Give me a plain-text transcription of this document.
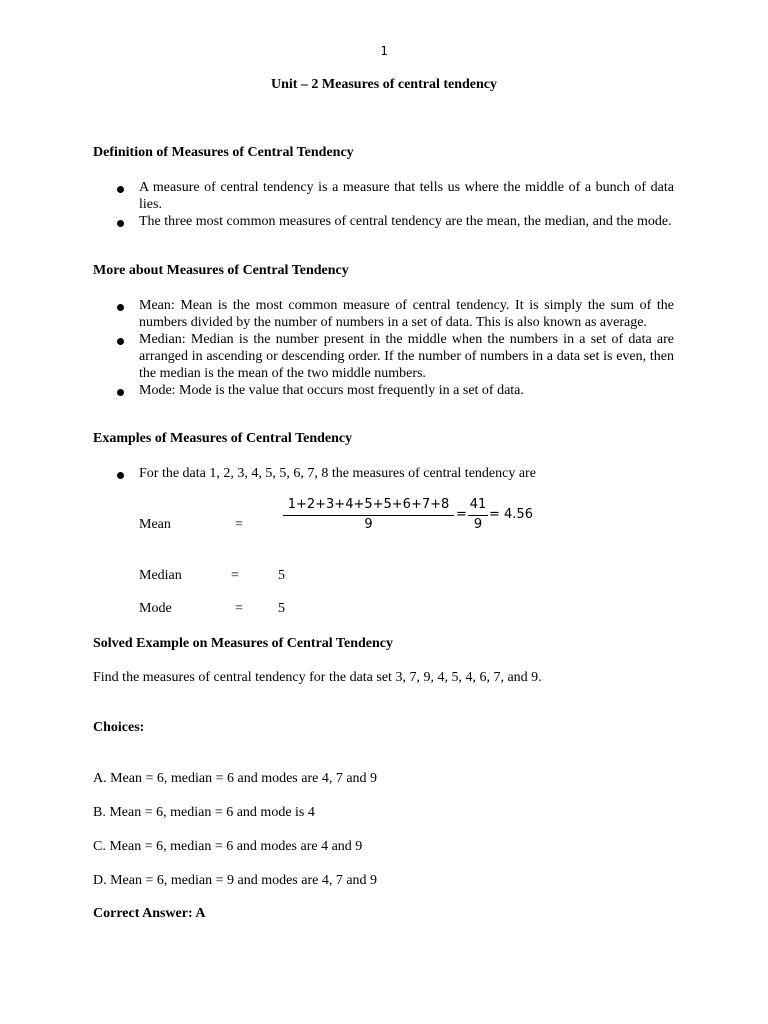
1
Unit – 2 Measures of central tendency
Definition of Measures of Central Tendency
A measure of central tendency is a measure that tells us where the middle of a bunch of data lies.
The three most common measures of central tendency are the mean, the median, and the mode.
More about Measures of Central Tendency
Mean: Mean is the most common measure of central tendency. It is simply the sum of the numbers divided by the number of numbers in a set of data. This is also known as average.
Median: Median is the number present in the middle when the numbers in a set of data are arranged in ascending or descending order. If the number of numbers in a data set is even, then the median is the mean of the two middle numbers.
Mode: Mode is the value that occurs most frequently in a set of data.
Examples of Measures of Central Tendency
For the data 1, 2, 3, 4, 5, 5, 6, 7, 8 the measures of central tendency are
Mean	=
1+2+3+4+5+5+6+7+8
9
=
41
9
= 4.56
Median	=	5
Mode	=	5
Solved Example on Measures of Central Tendency
Find the measures of central tendency for the data set 3, 7, 9, 4, 5, 4, 6, 7, and 9.
Choices:
A. Mean = 6, median = 6 and modes are 4, 7 and 9
B. Mean = 6, median = 6 and mode is 4
C. Mean = 6, median = 6 and modes are 4 and 9
D. Mean = 6, median = 9 and modes are 4, 7 and 9
Correct Answer: A
